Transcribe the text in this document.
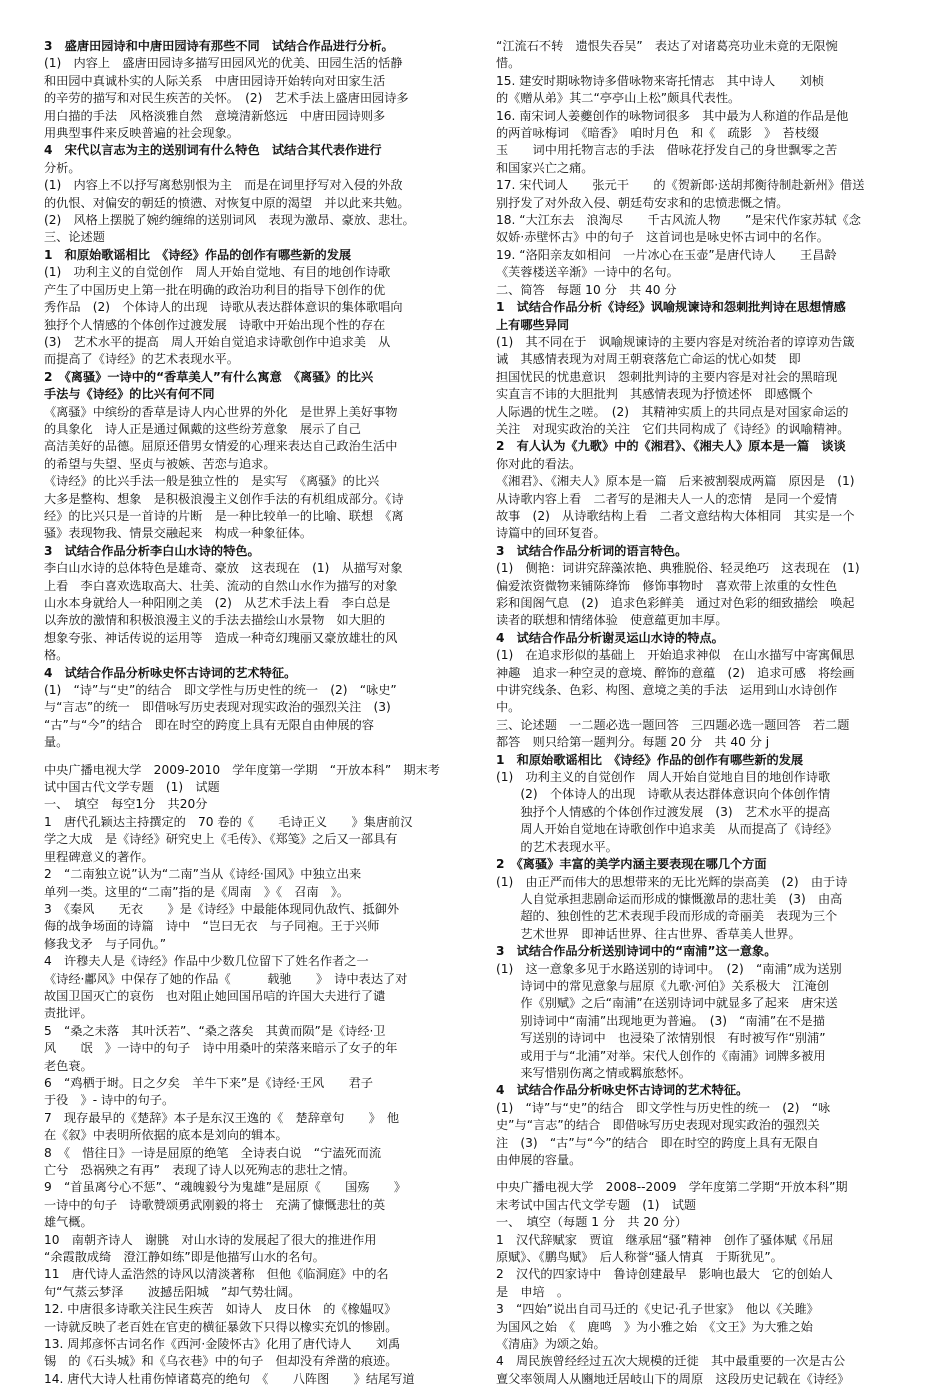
3　盛唐田园诗和中唐田园诗有那些不同　试结合作品进行分析。
(1)　内容上　盛唐田园诗多描写田园风光的优美、田园生活的恬静
和田园中真诚朴实的人际关系　中唐田园诗开始转向对田家生活
的辛劳的描写和对民生疾苦的关怀。　(2)　艺术手法上盛唐田园诗多
用白描的手法　风格淡雅自然　意境清新悠远　中唐田园诗则多
用典型事件来反映普遍的社会现象。
4　宋代以言志为主的送别词有什么特色　试结合其代表作进行
分析。
(1)　内容上不以抒写离愁别恨为主　而是在词里抒写对入侵的外敌
的仇恨、对偏安的朝廷的愤懑、对恢复中原的渴望　并以此来共勉。
(2)　风格上摆脱了婉约缠绵的送别词风　表现为激昂、豪放、悲壮。
三、论述题
1　和原始歌谣相比　《诗经》作品的创作有哪些新的发展
(1)　功利主义的自觉创作　周人开始自觉地、有目的地创作诗歌
产生了中国历史上第一批在明确的政治功利目的指导下创作的优
秀作品　(2)　个体诗人的出现　诗歌从表达群体意识的集体歌唱向
独抒个人情感的个体创作过渡发展　诗歌中开始出现个性的存在
(3)　艺术水平的提高　周人开始自觉追求诗歌创作中追求美　从
而提高了《诗经》的艺术表现水平。
2　《离骚》一诗中的“香草美人”有什么寓意　《离骚》的比兴
手法与《诗经》的比兴有何不同
《离骚》中缤纷的香草是诗人内心世界的外化　是世界上美好事物
的具象化　诗人正是通过佩戴的这些纷芳意象　展示了自己
高洁美好的品德。屈原还借男女情爱的心理来表达自己政治生活中
的希望与失望、坚贞与被嫉、苦恋与追求。
《诗经》的比兴手法一般是独立性的　是实写　《离骚》的比兴
大多是整构、想象　是积极浪漫主义创作手法的有机组成部分。《诗
经》的比兴只是一首诗的片断　是一种比较单一的比喻、联想　《离
骚》表现物我、情景交融起来　构成一种象征体。
3　试结合作品分析李白山水诗的特色。
李白山水诗的总体特色是雄奇、豪放　这表现在　(1)　从描写对象
上看　李白喜欢选取高大、壮美、流动的自然山水作为描写的对象
山水本身就给人一种阳刚之美　(2)　从艺术手法上看　李白总是
以奔放的激情和积极浪漫主义的手法去描绘山水景物　如大胆的
想象夸张、神话传说的运用等　造成一种奇幻瑰丽又豪放雄壮的风
格。
4　试结合作品分析咏史怀古诗词的艺术特征。
(1)　“诗”与“史”的结合　即文学性与历史性的统一　(2)　“咏史”
与“言志”的统一　即借咏写历史表现对现实政治的强烈关注　(3)
“古”与“今”的结合　即在时空的跨度上具有无限自由伸展的容
量。
中央广播电视大学　2009-2010　学年度第一学期　“开放本科”　期末考
试中国古代文学专题　(1)　试题
一、　填空　每空1分　共20分
1　唐代孔颖达主持撰定的　70 卷的《　　毛诗正义　　》集唐前汉
学之大成　是《诗经》研究史上《毛传》、《郑笺》之后又一部具有
里程碑意义的著作。
2　“二南独立说”认为“二南”当从《诗经·国风》中独立出来
单列一类。这里的“二南”指的是《周南　》《　召南　》。
3　《秦风　　无衣　　》是《诗经》中最能体现同仇敌忾、抵御外
侮的战争场面的诗篇　诗中　“岂曰无衣　与子同袍。王于兴师
修我戈矛　与子同仇。”
4　许穆夫人是《诗经》作品中少数几位留下了姓名作者之一
《诗经·鄘风》中保存了她的作品《　　　载驰　　》　诗中表达了对
故国卫国灭亡的哀伤　也对阻止她回国吊唁的许国大夫进行了谴
责批评。
5　“桑之未落　其叶沃若”、“桑之落矣　其黄而陨”是《诗经·卫
风　　氓　》一诗中的句子　诗中用桑叶的荣落来暗示了女子的年
老色衰。
6　“鸡栖于埘。日之夕矣　羊牛下来”是《诗经·王风　　君子
于役　》- 诗中的句子。
7　现存最早的《楚辞》本子是东汉王逸的《　楚辞章句　　》　他
在《叙》中表明所依据的底本是刘向的辑本。
8　《　惜往日》一诗是屈原的绝笔　全诗表白说　“宁溘死而流
亡兮　恐祸殃之有再”　表现了诗人以死殉志的悲壮之情。
9　“首虽离兮心不惩”、“魂魄毅兮为鬼雄”是屈原《　　国殇　　》
一诗中的句子　诗歌赞颂勇武刚毅的将士　充满了慷慨悲壮的英
雄气概。
10　南朝齐诗人　谢朓　对山水诗的发展起了很大的推进作用
“余霞散成绮　澄江静如练”即是他描写山水的名句。
11　唐代诗人孟浩然的诗风以清淡著称　但他《临洞庭》中的名
句“气蒸云梦泽　　波撼岳阳城　”却气势壮阔。
12. 中唐很多诗歌关注民生疾苦　如诗人　皮日休　的《橡媪叹》
一诗就反映了老百姓在官吏的横征暴敛下只得以橡实充饥的惨剧。
13. 周邦彦怀古词名作《西河·金陵怀古》化用了唐代诗人　　刘禹
锡　的《石头城》和《乌衣巷》中的句子　但却没有斧凿的痕迹。
14. 唐代大诗人杜甫伤悼诸葛亮的绝句　《　　八阵图　　》结尾写道
“江流石不转　遗恨失吞吴”　表达了对诸葛亮功业未竟的无限惋
惜。
15. 建安时期咏物诗多借咏物来寄托情志　其中诗人　　刘桢
的《赠从弟》其二“亭亭山上松”颇具代表性。
16. 南宋词人姜夔创作的咏物词很多　其中最为人称道的作品是他
的两首咏梅词　《暗香》　咱时月色　和《　疏影　》　苔枝缀
玉　　词中用托物言志的手法　借咏花抒发自己的身世飘零之苦
和国家兴亡之痛。
17. 宋代词人　　张元干　　的《贺新郎·送胡邦衡待制赴新州》借送
别抒发了对外敌入侵、朝廷苟安求和的忠愤悲慨之情。
18. “大江东去　浪淘尽　　千古风流人物　　”是宋代作家苏轼《念
奴娇·赤壁怀古》中的句子　这首词也是咏史怀古词中的名作。
19. “洛阳亲友如相问　一片冰心在玉壶”是唐代诗人　　王昌龄
《芙蓉楼送辛渐》一诗中的名句。
二、简答　每题 10 分　共 40 分
1　试结合作品分析《诗经》讽喻规谏诗和怨刺批判诗在思想情感
上有哪些异同
(1)　其不同在于　讽喻规谏诗的主要内容是对统治者的谆谆劝告箴
诫　其感情表现为对周王朝衰落危亡命运的忧心如焚　即
担国忧民的忧患意识　怨刺批判诗的主要内容是对社会的黑暗现
实直言不讳的大胆批判　其感情表现为抒愤述怀　即感慨个
人际遇的忧生之嗟。　(2)　其精神实质上的共同点是对国家命运的
关注　对现实政治的关注　它们共同构成了《诗经》的讽喻精神。
2　有人认为《九歌》中的《湘君》、《湘夫人》原本是一篇　谈谈
你对此的看法。
《湘君》、《湘夫人》原本是一篇　后来被割裂成两篇　原因是　(1)
从诗歌内容上看　二者写的是湘夫人一人的恋情　是同一个爱情
故事　(2)　从诗歌结构上看　二者文意结构大体相同　其实是一个
诗篇中的回环复沓。
3　试结合作品分析词的语言特色。
(1)　侧艳：词讲究辞藻浓艳、典雅脱俗、轻灵绝巧　这表现在　(1)
偏爱浓资微物来铺陈绛饰　修饰事物时　喜欢带上浓重的女性色
彩和闺阁气息　(2)　追求色彩鲜美　通过对色彩的细致描绘　唤起
读者的联想和情绪体验　使意蕴更加丰厚。
4　试结合作品分析谢灵运山水诗的特点。
(1)　在追求形似的基础上　开始追求神似　在山水描写中寄寓佩思
神趣　追求一种空灵的意境、醉饰的意蕴　(2)　追求可感　将绘画
中讲究线条、色彩、构图、意境之美的手法　运用到山水诗创作
中。
三、论述题　一二题必选一题回答　三四题必选一题回答　若二题
都答　则只给第一题判分。每题 20 分　共 40 分 j
1　和原始歌谣相比　《诗经》作品的创作有哪些新的发展
(1)　功利主义的自觉创作　周人开始自觉地自目的地创作诗歌
　　(2)　个体诗人的出现　诗歌从表达群体意识向个体创作情
　　独抒个人情感的个体创作过渡发展　(3)　艺术水平的提高
　　周人开始自觉地在诗歌创作中追求美　从而提高了《诗经》
　　的艺术表现水平。
2　《离骚》丰富的美学内涵主要表现在哪几个方面
(1)　由正严而伟大的思想带来的无比光辉的崇高美　(2)　由于诗
　　人自觉承担悲剧命运而形成的慷慨激昂的悲壮美　(3)　由高
　　超的、独创性的艺术表现手段而形成的奇丽美　表现为三个
　　艺术世界　即神话世界、往古世界、香草美人世界。
3　试结合作品分析送别诗词中的“南浦”这一意象。
(1)　这一意象多见于水路送别的诗词中。　(2)　“南浦”成为送别
　　诗词中的常见意象与屈原《九歌·河伯》关系极大　江淹创
　　作《别赋》之后“南浦”在送别诗词中就显多了起来　唐宋送
　　别诗词中“南浦”出现地更为普遍。　(3)　“南浦”在不是描
　　写送别的诗词中　也浸染了浓情别恨　有时被写作“别浦”
　　或用于与“北浦”对举。宋代人创作的《南浦》词牌多被用
　　来写惜别伤离之情或羁旅愁怀。
4　试结合作品分析咏史怀古诗词的艺术特征。
(1)　“诗”与“史”的结合　即文学性与历史性的统一　(2)　“咏
史”与“言志”的结合　即借咏写历史表现对现实政治的强烈关
注　(3)　“古”与“今”的结合　即在时空的跨度上具有无限自
由伸展的容量。
中央广播电视大学　2008--2009　学年度第二学期“开放本科”期
末考试中国古代文学专题　(1)　试题
一、　填空（每题 1 分　共 20 分）
1　汉代辞赋家　贾谊　继承屈“骚”精神　创作了骚体赋《吊屈
原赋》、《鹏鸟赋》　后人称誉“骚人情真　于斯犹见”。
2　汉代的四家诗中　鲁诗创建最早　影响也最大　它的创始人
是　申培　。
3　“四始”说出自司马迁的《史记·孔子世家》　他以《关雎》
为国风之始　《　鹿鸣　》为小雅之始　《文王》为大雅之始
《清庙》为颂之始。
4　周民族曾经经过五次大规模的迁徙　其中最重要的一次是古公
亶父率领周人从豳地迁居岐山下的周原　这段历史记载在《诗经》
